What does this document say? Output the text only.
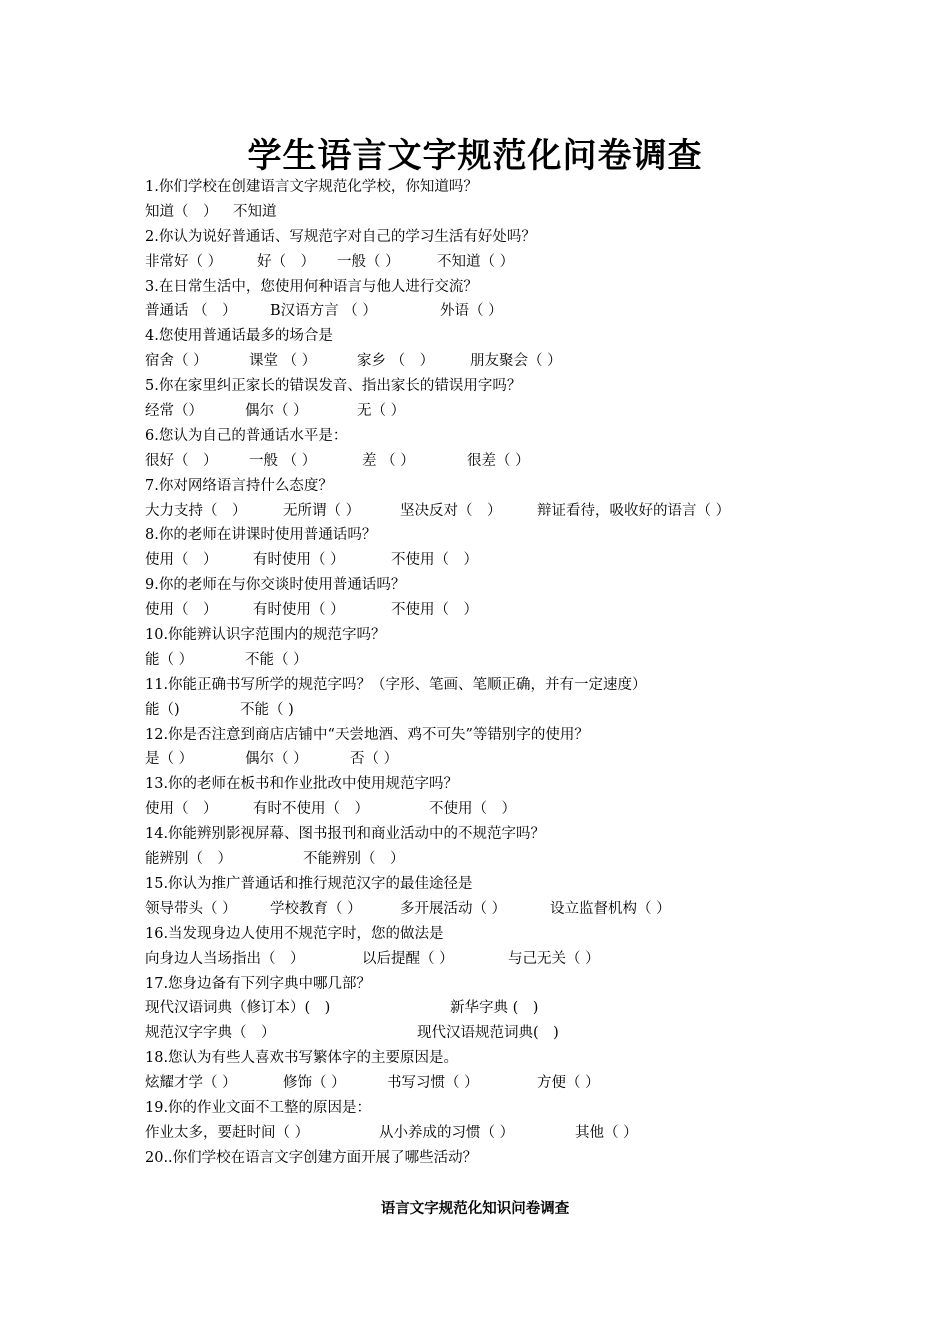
学生语言文字规范化问卷调查
1.你们学校在创建语言文字规范化学校，你知道吗？
知道（　） 不知道
2.你认为说好普通话、写规范字对自己的学习生活有好处吗？
非常好（ ） 好（　） 一般（ ）	不知道（ ）
3.在日常生活中，您使用何种语言与他人进行交流？
普通话 （　） B汉语方言 （ ）	外语（ ）
4.您使用普通话最多的场合是
宿舍（ ）	课堂 （ ）	家乡 （　） 朋友聚会（ ）
5.你在家里纠正家长的错误发音、指出家长的错误用字吗？
经常（）	偶尔（ ）	无（ ）
6.您认为自己的普通话水平是：
很好（　） 一般 （ ）	差 （ ）	很差（ ）
7.你对网络语言持什么态度？
大力支持（　）	无所谓（ ）	坚决反对（　） 辩证看待，吸收好的语言（ ）
8.你的老师在讲课时使用普通话吗？
使用（　） 有时使用（ ）	不使用（　）
9.你的老师在与你交谈时使用普通话吗？
使用（　） 有时使用（ ）	不使用（　）
10.你能辨认识字范围内的规范字吗？
能（ ）	不能（ ）
11.你能正确书写所学的规范字吗？（字形、笔画、笔顺正确，并有一定速度）
能（)	不能（ )
12.你是否注意到商店店铺中“天尝地酒、鸡不可失”等错别字的使用？
是（ ）	偶尔（ ）	否（ ）
13.你的老师在板书和作业批改中使用规范字吗？
使用（　） 有时不使用（　）	不使用（　）
14.你能辨别影视屏幕、图书报刊和商业活动中的不规范字吗？
能辨别（　）	不能辨别（　）
15.你认为推广普通话和推行规范汉字的最佳途径是
领导带头（ ） 学校教育（ ）	多开展活动（ ）	设立监督机构（ ）
16.当发现身边人使用不规范字时，您的做法是
向身边人当场指出（　）	以后提醒（ ）	与己无关（ ）
17.您身边备有下列字典中哪几部？
现代汉语词典（修订本）(　)	新华字典 (　)
规范汉字字典（　）	现代汉语规范词典(　)
18.您认为有些人喜欢书写繁体字的主要原因是。
炫耀才学（ ）	修饰（ ）	书写习惯（ ）	方便（ ）
19.你的作业文面不工整的原因是：
作业太多，要赶时间（ ）	从小养成的习惯（ ）	其他（ ）
20..你们学校在语言文字创建方面开展了哪些活动？
语言文字规范化知识问卷调查
